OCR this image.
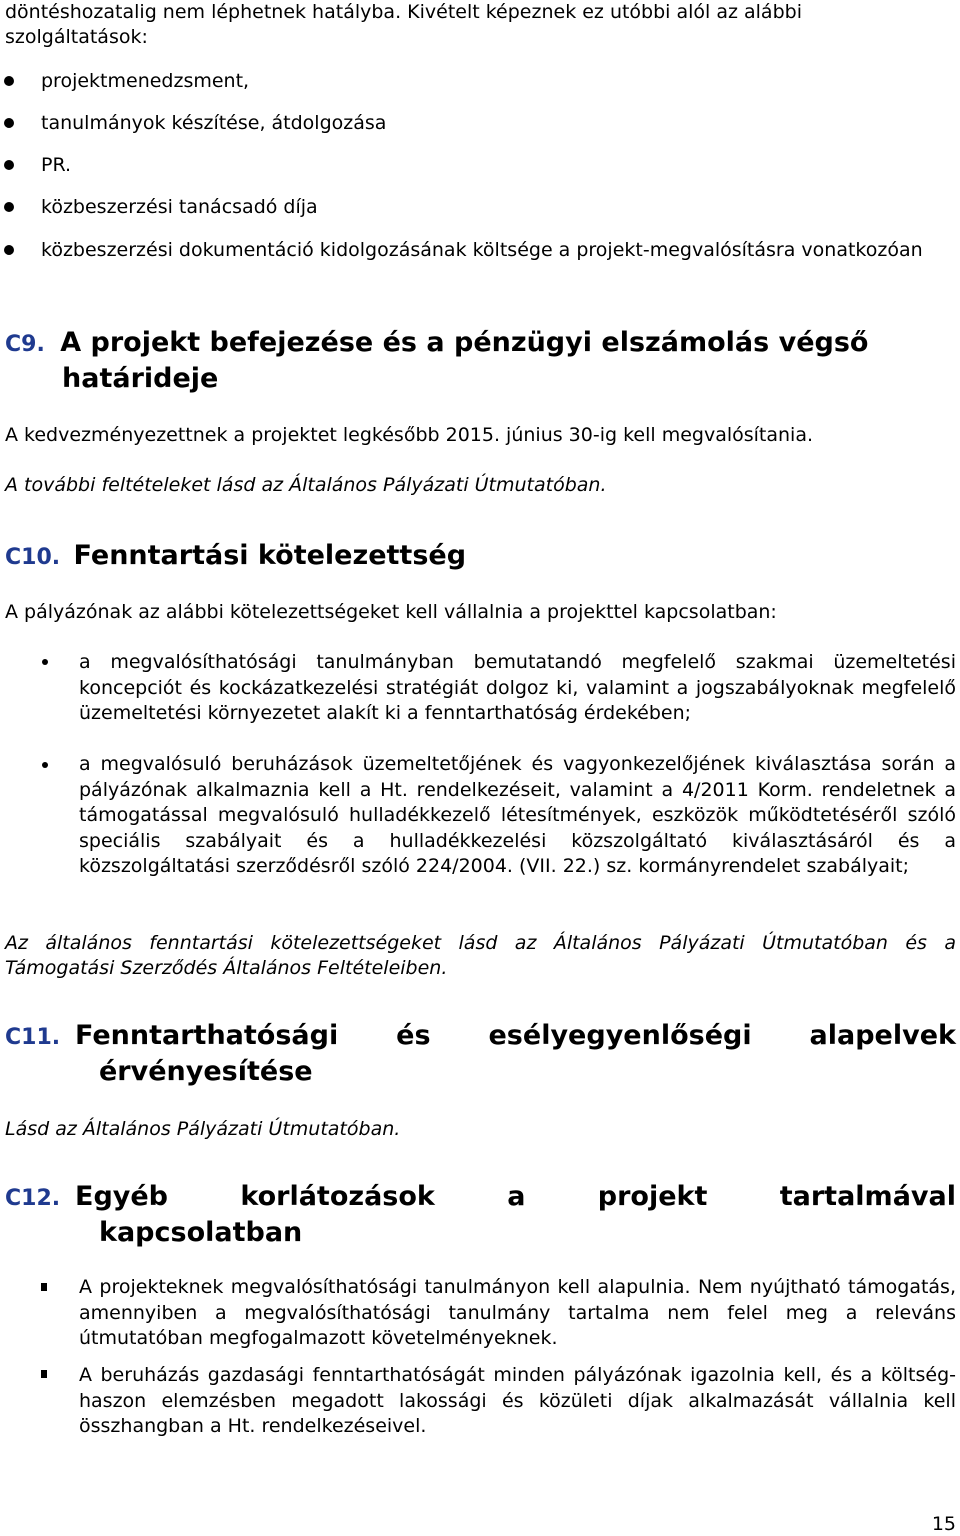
döntéshozatalig nem léphetnek hatályba. Kivételt képeznek ez utóbbi alól az alábbi
szolgáltatások:
projektmenedzsment,
tanulmányok készítése, átdolgozása
PR.
közbeszerzési tanácsadó díja
közbeszerzési dokumentáció kidolgozásának költsége a projekt-megvalósításra vonatkozóan
C9. A projekt befejezése és a pénzügyi elszámolás végső
határideje
A kedvezményezettnek a projektet legkésőbb 2015. június 30-ig kell megvalósítania.
A további feltételeket lásd az Általános Pályázati Útmutatóban.
C10. Fenntartási kötelezettség
A pályázónak az alábbi kötelezettségeket kell vállalnia a projekttel kapcsolatban:
a megvalósíthatósági tanulmányban bemutatandó megfelelő szakmai üzemeltetési koncepciót és kockázatkezelési stratégiát dolgoz ki, valamint a jogszabályoknak megfelelő üzemeltetési környezetet alakít ki a fenntarthatóság érdekében;
a megvalósuló beruházások üzemeltetőjének és vagyonkezelőjének kiválasztása során a pályázónak alkalmaznia kell a Ht. rendelkezéseit, valamint a 4/2011 Korm. rendeletnek a támogatással megvalósuló hulladékkezelő létesítmények, eszközök működtetéséről szóló speciális szabályait és a hulladékkezelési közszolgáltató kiválasztásáról és a közszolgáltatási szerződésről szóló 224/2004. (VII. 22.) sz. kormányrendelet szabályait;
Az általános fenntartási kötelezettségeket lásd az Általános Pályázati Útmutatóban és a Támogatási Szerződés Általános Feltételeiben.
C11. Fenntarthatósági és esélyegyenlőségi alapelvek
érvényesítése
Lásd az Általános Pályázati Útmutatóban.
C12. Egyéb	korlátozások	a	projekt	tartalmával
kapcsolatban
A projekteknek megvalósíthatósági tanulmányon kell alapulnia. Nem nyújtható támogatás, amennyiben a megvalósíthatósági tanulmány tartalma nem felel meg a releváns útmutatóban megfogalmazott követelményeknek.
A beruházás gazdasági fenntarthatóságát minden pályázónak igazolnia kell, és a költség-haszon elemzésben megadott lakossági és közületi díjak alkalmazását vállalnia kell összhangban a Ht. rendelkezéseivel.
15
